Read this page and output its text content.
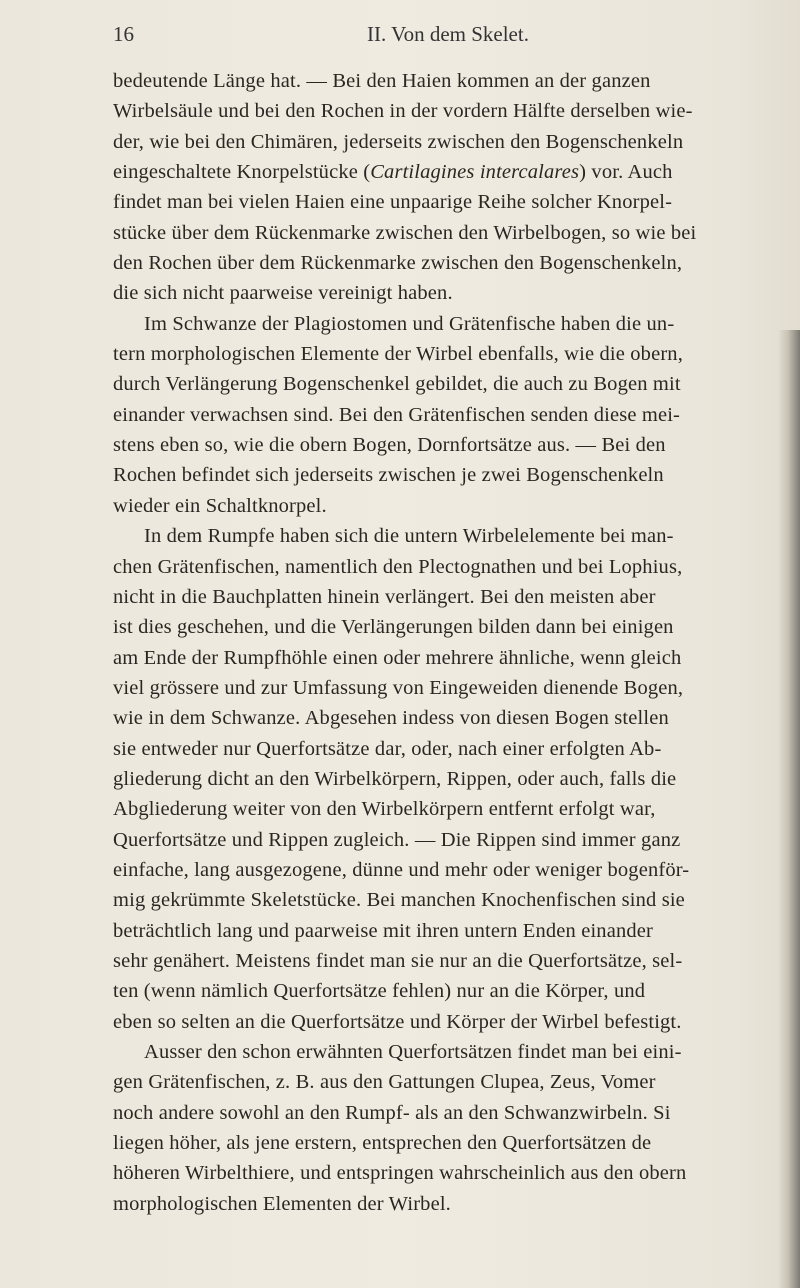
16	II. Von dem Skelet.
bedeutende Länge hat. — Bei den Haien kommen an der ganzen
Wirbelsäule und bei den Rochen in der vordern Hälfte derselben wie-
der, wie bei den Chimären, jederseits zwischen den Bogenschenkeln
eingeschaltete Knorpelstücke (Cartilagines intercalares) vor. Auch
findet man bei vielen Haien eine unpaarige Reihe solcher Knorpel-
stücke über dem Rückenmarke zwischen den Wirbelbogen, so wie bei
den Rochen über dem Rückenmarke zwischen den Bogenschenkeln,
die sich nicht paarweise vereinigt haben.
Im Schwanze der Plagiostomen und Grätenfische haben die un-
tern morphologischen Elemente der Wirbel ebenfalls, wie die obern,
durch Verlängerung Bogenschenkel gebildet, die auch zu Bogen mit
einander verwachsen sind. Bei den Grätenfischen senden diese mei-
stens eben so, wie die obern Bogen, Dornfortsätze aus. — Bei den
Rochen befindet sich jederseits zwischen je zwei Bogenschenkeln
wieder ein Schaltknorpel.
In dem Rumpfe haben sich die untern Wirbelelemente bei man-
chen Grätenfischen, namentlich den Plectognathen und bei Lophius,
nicht in die Bauchplatten hinein verlängert. Bei den meisten aber
ist dies geschehen, und die Verlängerungen bilden dann bei einigen
am Ende der Rumpfhöhle einen oder mehrere ähnliche, wenn gleich
viel grössere und zur Umfassung von Eingeweiden dienende Bogen,
wie in dem Schwanze. Abgesehen indess von diesen Bogen stellen
sie entweder nur Querfortsätze dar, oder, nach einer erfolgten Ab-
gliederung dicht an den Wirbelkörpern, Rippen, oder auch, falls die
Abgliederung weiter von den Wirbelkörpern entfernt erfolgt war,
Querfortsätze und Rippen zugleich. — Die Rippen sind immer ganz
einfache, lang ausgezogene, dünne und mehr oder weniger bogenför-
mig gekrümmte Skeletstücke. Bei manchen Knochenfischen sind sie
beträchtlich lang und paarweise mit ihren untern Enden einander
sehr genähert. Meistens findet man sie nur an die Querfortsätze, sel-
ten (wenn nämlich Querfortsätze fehlen) nur an die Körper, und
eben so selten an die Querfortsätze und Körper der Wirbel befestigt.
Ausser den schon erwähnten Querfortsätzen findet man bei eini-
gen Grätenfischen, z. B. aus den Gattungen Clupea, Zeus, Vomer
noch andere sowohl an den Rumpf- als an den Schwanzwirbeln. Si
liegen höher, als jene erstern, entsprechen den Querfortsätzen de
höheren Wirbelthiere, und entspringen wahrscheinlich aus den obern
morphologischen Elementen der Wirbel.
